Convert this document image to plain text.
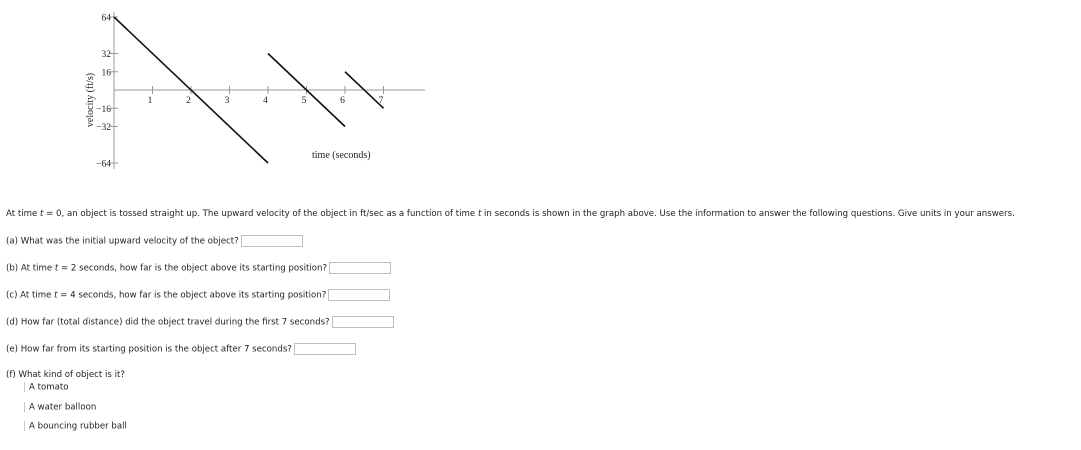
64
32
16
−16
−32
−64
1	2	3	4	5	6	7
velocity (ft/s)
time (seconds)
At time t = 0, an object is tossed straight up. The upward velocity of the object in ft/sec as a function of time t in seconds is shown in the graph above. Use the information to answer the following questions. Give units in your answers.
(a) What was the initial upward velocity of the object?
(b) At time t = 2 seconds, how far is the object above its starting position?
(c) At time t = 4 seconds, how far is the object above its starting position?
(d) How far (total distance) did the object travel during the first 7 seconds?
(e) How far from its starting position is the object after 7 seconds?
(f) What kind of object is it?
A tomato
A water balloon
A bouncing rubber ball
